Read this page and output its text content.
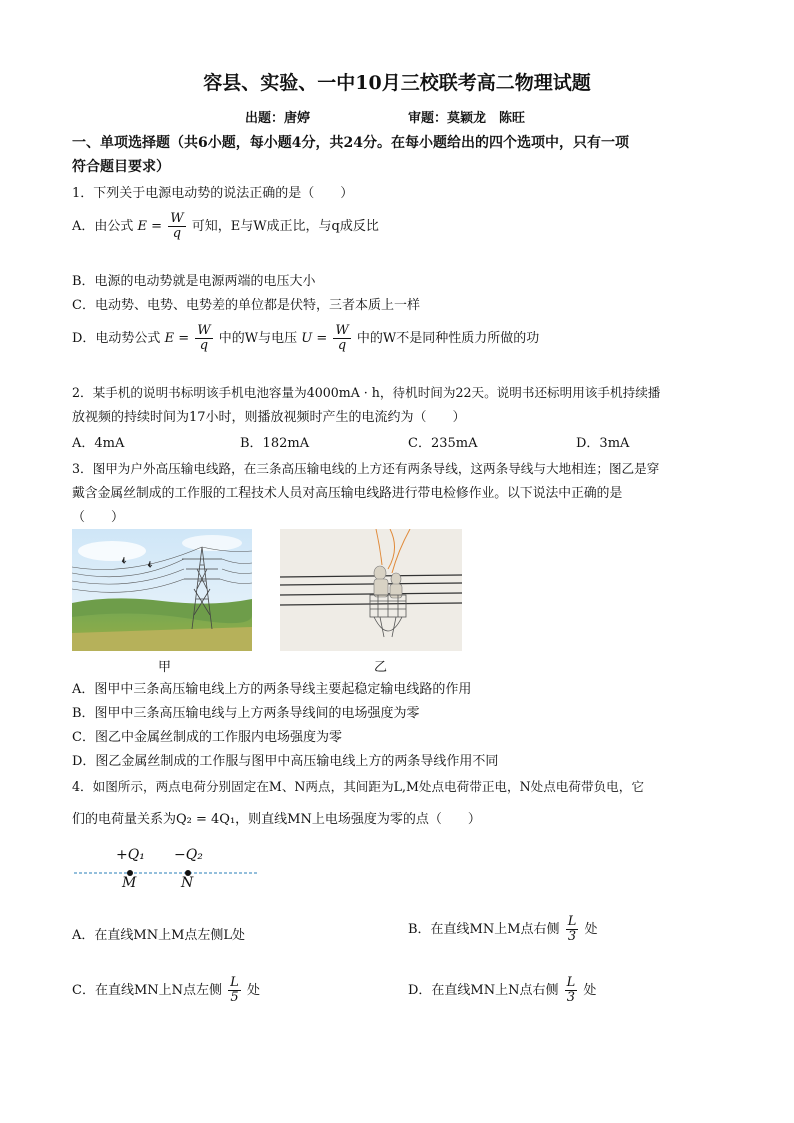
容县、实验、一中10月三校联考高二物理试题
出题：唐婷	审题：莫颖龙　陈旺
一、单项选择题（共6小题，每小题4分，共24分。在每小题给出的四个选项中，只有一项
符合题目要求）
1．下列关于电源电动势的说法正确的是（　　）
A．由公式 $E = \frac{W}{q}$ 可知，E与W成正比，与q成反比
B．电源的电动势就是电源两端的电压大小
C．电动势、电势、电势差的单位都是伏特，三者本质上一样
D．电动势公式 $E = \frac{W}{q}$ 中的W与电压 $U = \frac{W}{q}$ 中的W不是同种性质力所做的功
2．某手机的说明书标明该手机电池容量为4000mA · h，待机时间为22天。说明书还标明用该手机持续播
放视频的持续时间为17小时，则播放视频时产生的电流约为（　　）
A．4mA	B．182mA	C．235mA	D．3mA
3．图甲为户外高压输电线路，在三条高压输电线的上方还有两条导线，这两条导线与大地相连；图乙是穿
戴含金属丝制成的工作服的工程技术人员对高压输电线路进行带电检修作业。以下说法中正确的是
（　　）
甲	乙
A．图甲中三条高压输电线上方的两条导线主要起稳定输电线路的作用
B．图甲中三条高压输电线与上方两条导线间的电场强度为零
C．图乙中金属丝制成的工作服内电场强度为零
D．图乙金属丝制成的工作服与图甲中高压输电线上方的两条导线作用不同
4．如图所示，两点电荷分别固定在M、N两点，其间距为L,M处点电荷带正电，N处点电荷带负电，它
们的电荷量关系为Q₂ = 4Q₁，则直线MN上电场强度为零的点（　　）
+Q₁ −Q₂
M	N
A．在直线MN上M点左侧L处	B．在直线MN上M点右侧 $\frac{L}{3}$ 处
C．在直线MN上N点左侧 $\frac{L}{5}$ 处	D．在直线MN上N点右侧 $\frac{L}{3}$ 处
